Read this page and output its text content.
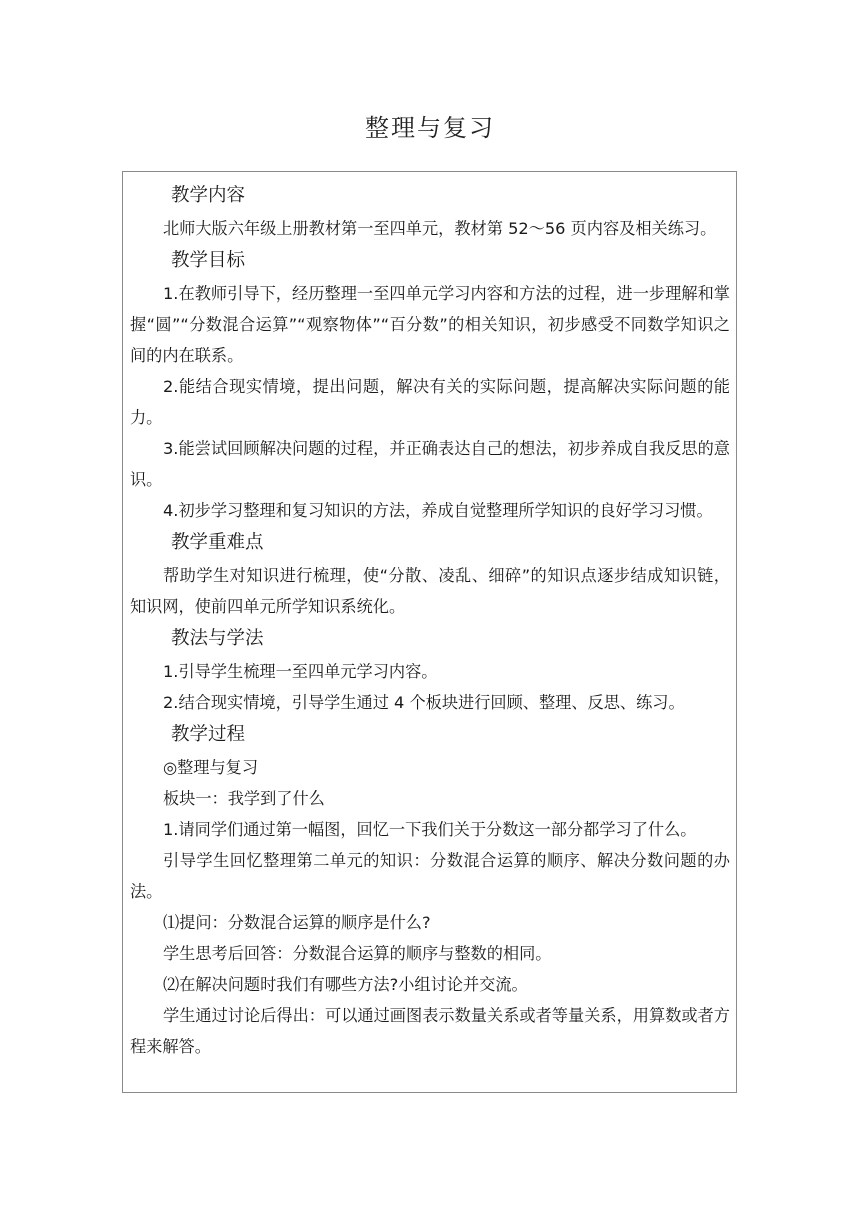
整理与复习

教学内容

北师大版六年级上册教材第一至四单元，教材第 52～56 页内容及相关练习。

教学目标

1.在教师引导下，经历整理一至四单元学习内容和方法的过程，进一步理解和掌握“圆”“分数混合运算”“观察物体”“百分数”的相关知识，初步感受不同数学知识之间的内在联系。

2.能结合现实情境，提出问题，解决有关的实际问题，提高解决实际问题的能力。

3.能尝试回顾解决问题的过程，并正确表达自己的想法，初步养成自我反思的意识。

4.初步学习整理和复习知识的方法，养成自觉整理所学知识的良好学习习惯。

教学重难点

帮助学生对知识进行梳理，使“分散、凌乱、细碎”的知识点逐步结成知识链，知识网，使前四单元所学知识系统化。

教法与学法

1.引导学生梳理一至四单元学习内容。

2.结合现实情境，引导学生通过 4 个板块进行回顾、整理、反思、练习。

教学过程

◎整理与复习

板块一：我学到了什么

1.请同学们通过第一幅图，回忆一下我们关于分数这一部分都学习了什么。

引导学生回忆整理第二单元的知识：分数混合运算的顺序、解决分数问题的办法。

⑴提问：分数混合运算的顺序是什么?

学生思考后回答：分数混合运算的顺序与整数的相同。

⑵在解决问题时我们有哪些方法?小组讨论并交流。

学生通过讨论后得出：可以通过画图表示数量关系或者等量关系，用算数或者方程来解答。
